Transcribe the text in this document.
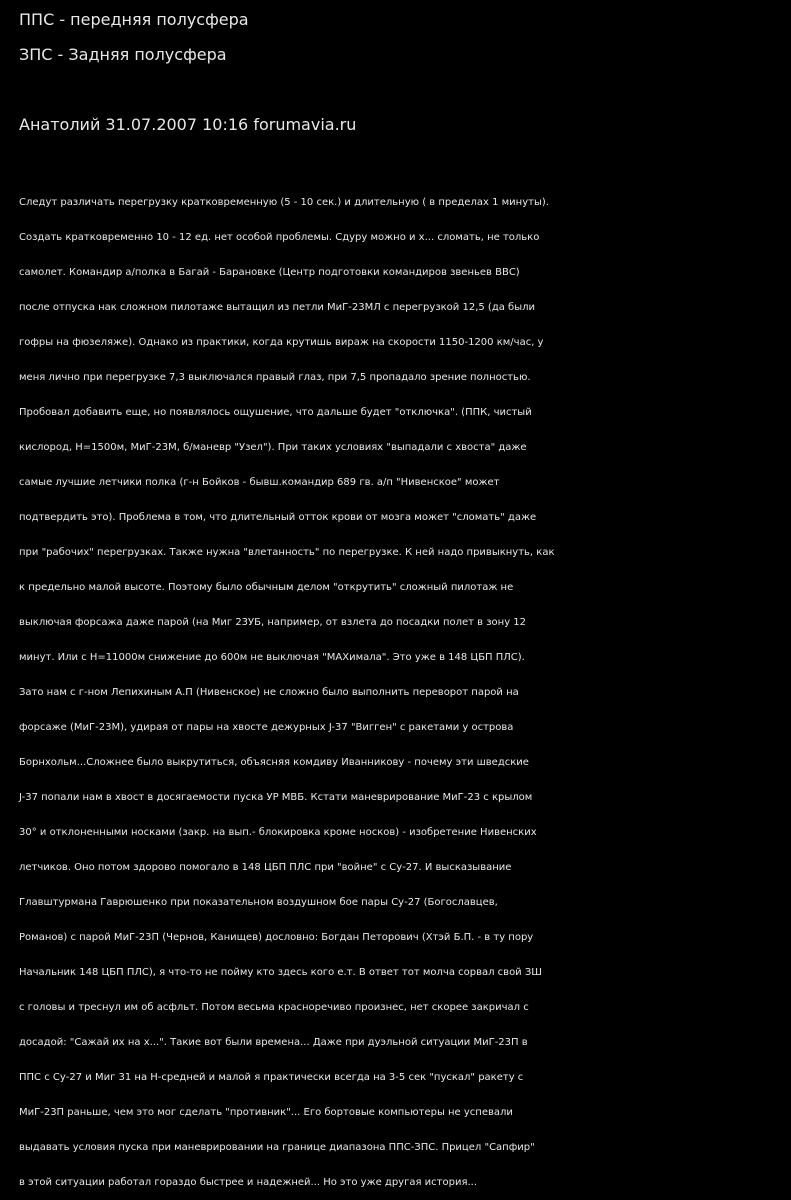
ППС - передняя полусфера

ЗПС - Задняя полусфера

Анатолий 31.07.2007 10:16 forumavia.ru

Следут различать перегрузку кратковременную (5 - 10 сек.) и длительную ( в пределах 1 минуты).

Создать кратковременно 10 - 12 ед. нет особой проблемы. Сдуру можно и х... сломать, не только

самолет. Командир а/полка в Багай - Барановке (Центр подготовки командиров звеньев ВВС)

после отпуска нак сложном пилотаже вытащил из петли МиГ-23МЛ с перегрузкой 12,5 (да были

гофры на фюзеляже). Однако из практики, когда крутишь вираж на скорости 1150-1200 км/час, у

меня лично при перегрузке 7,3 выключался правый глаз, при 7,5 пропадало зрение полностью.

Пробовал добавить еще, но появлялось ощушение, что дальше будет "отключка". (ППК, чистый

кислород, Н=1500м, МиГ-23М, б/маневр "Узел"). При таких условиях "выпадали с хвоста" даже

самые лучшие летчики полка (г-н Бойков - бывш.командир 689 гв. а/п "Нивенское" может

подтвердить это). Проблема в том, что длительный отток крови от мозга может "сломать" даже

при "рабочих" перегрузках. Также нужна "влетанность" по перегрузке. К ней надо привыкнуть, как

к предельно малой высоте. Поэтому было обычным делом "открутить" сложный пилотаж не

выключая форсажа даже парой (на Миг 23УБ, например, от взлета до посадки полет в зону 12

минут. Или с Н=11000м снижение до 600м не выключая "МАХимала". Это уже в 148 ЦБП ПЛС).

Зато нам с г-ном Лепихиным А.П (Нивенское) не сложно было выполнить переворот парой на

форсаже (МиГ-23М), удирая от пары на хвосте дежурных J-37 "Вигген" с ракетами у острова

Борнхольм...Сложнее было выкрутиться, объясняя комдиву Иванникову - почему эти шведские

J-37 попали нам в хвост в досягаемости пуска УР МВБ. Кстати маневрирование МиГ-23 с крылом

30° и отклоненными носками (закр. на вып.- блокировка кроме носков) - изобретение Нивенских

летчиков. Оно потом здорово помогало в 148 ЦБП ПЛС при "войне" с Су-27. И высказывание

Главштурмана Гаврюшенко при показательном воздушном бое пары Су-27 (Богославцев,

Романов) с парой МиГ-23П (Чернов, Канищев) дословно: Богдан Петорович (Хтэй Б.П. - в ту пору

Начальник 148 ЦБП ПЛС), я что-то не пойму кто здесь кого е.т. В ответ тот молча сорвал свой ЗШ

с головы и треснул им об асфльт. Потом весьма красноречиво произнес, нет скорее закричал с

досадой: "Сажай их на х...". Такие вот были времена... Даже при дуэльной ситуации МиГ-23П в

ППС с Су-27 и Миг 31 на Н-средней и малой я практически всегда на 3-5 сек "пускал" ракету с

МиГ-23П раньше, чем это мог сделать "противник"... Его бортовые компьютеры не успевали

выдавать условия пуска при маневрировании на границе диапазона ППС-ЗПС. Прицел "Сапфир"

в этой ситуации работал гораздо быстрее и надежней... Но это уже другая история...
